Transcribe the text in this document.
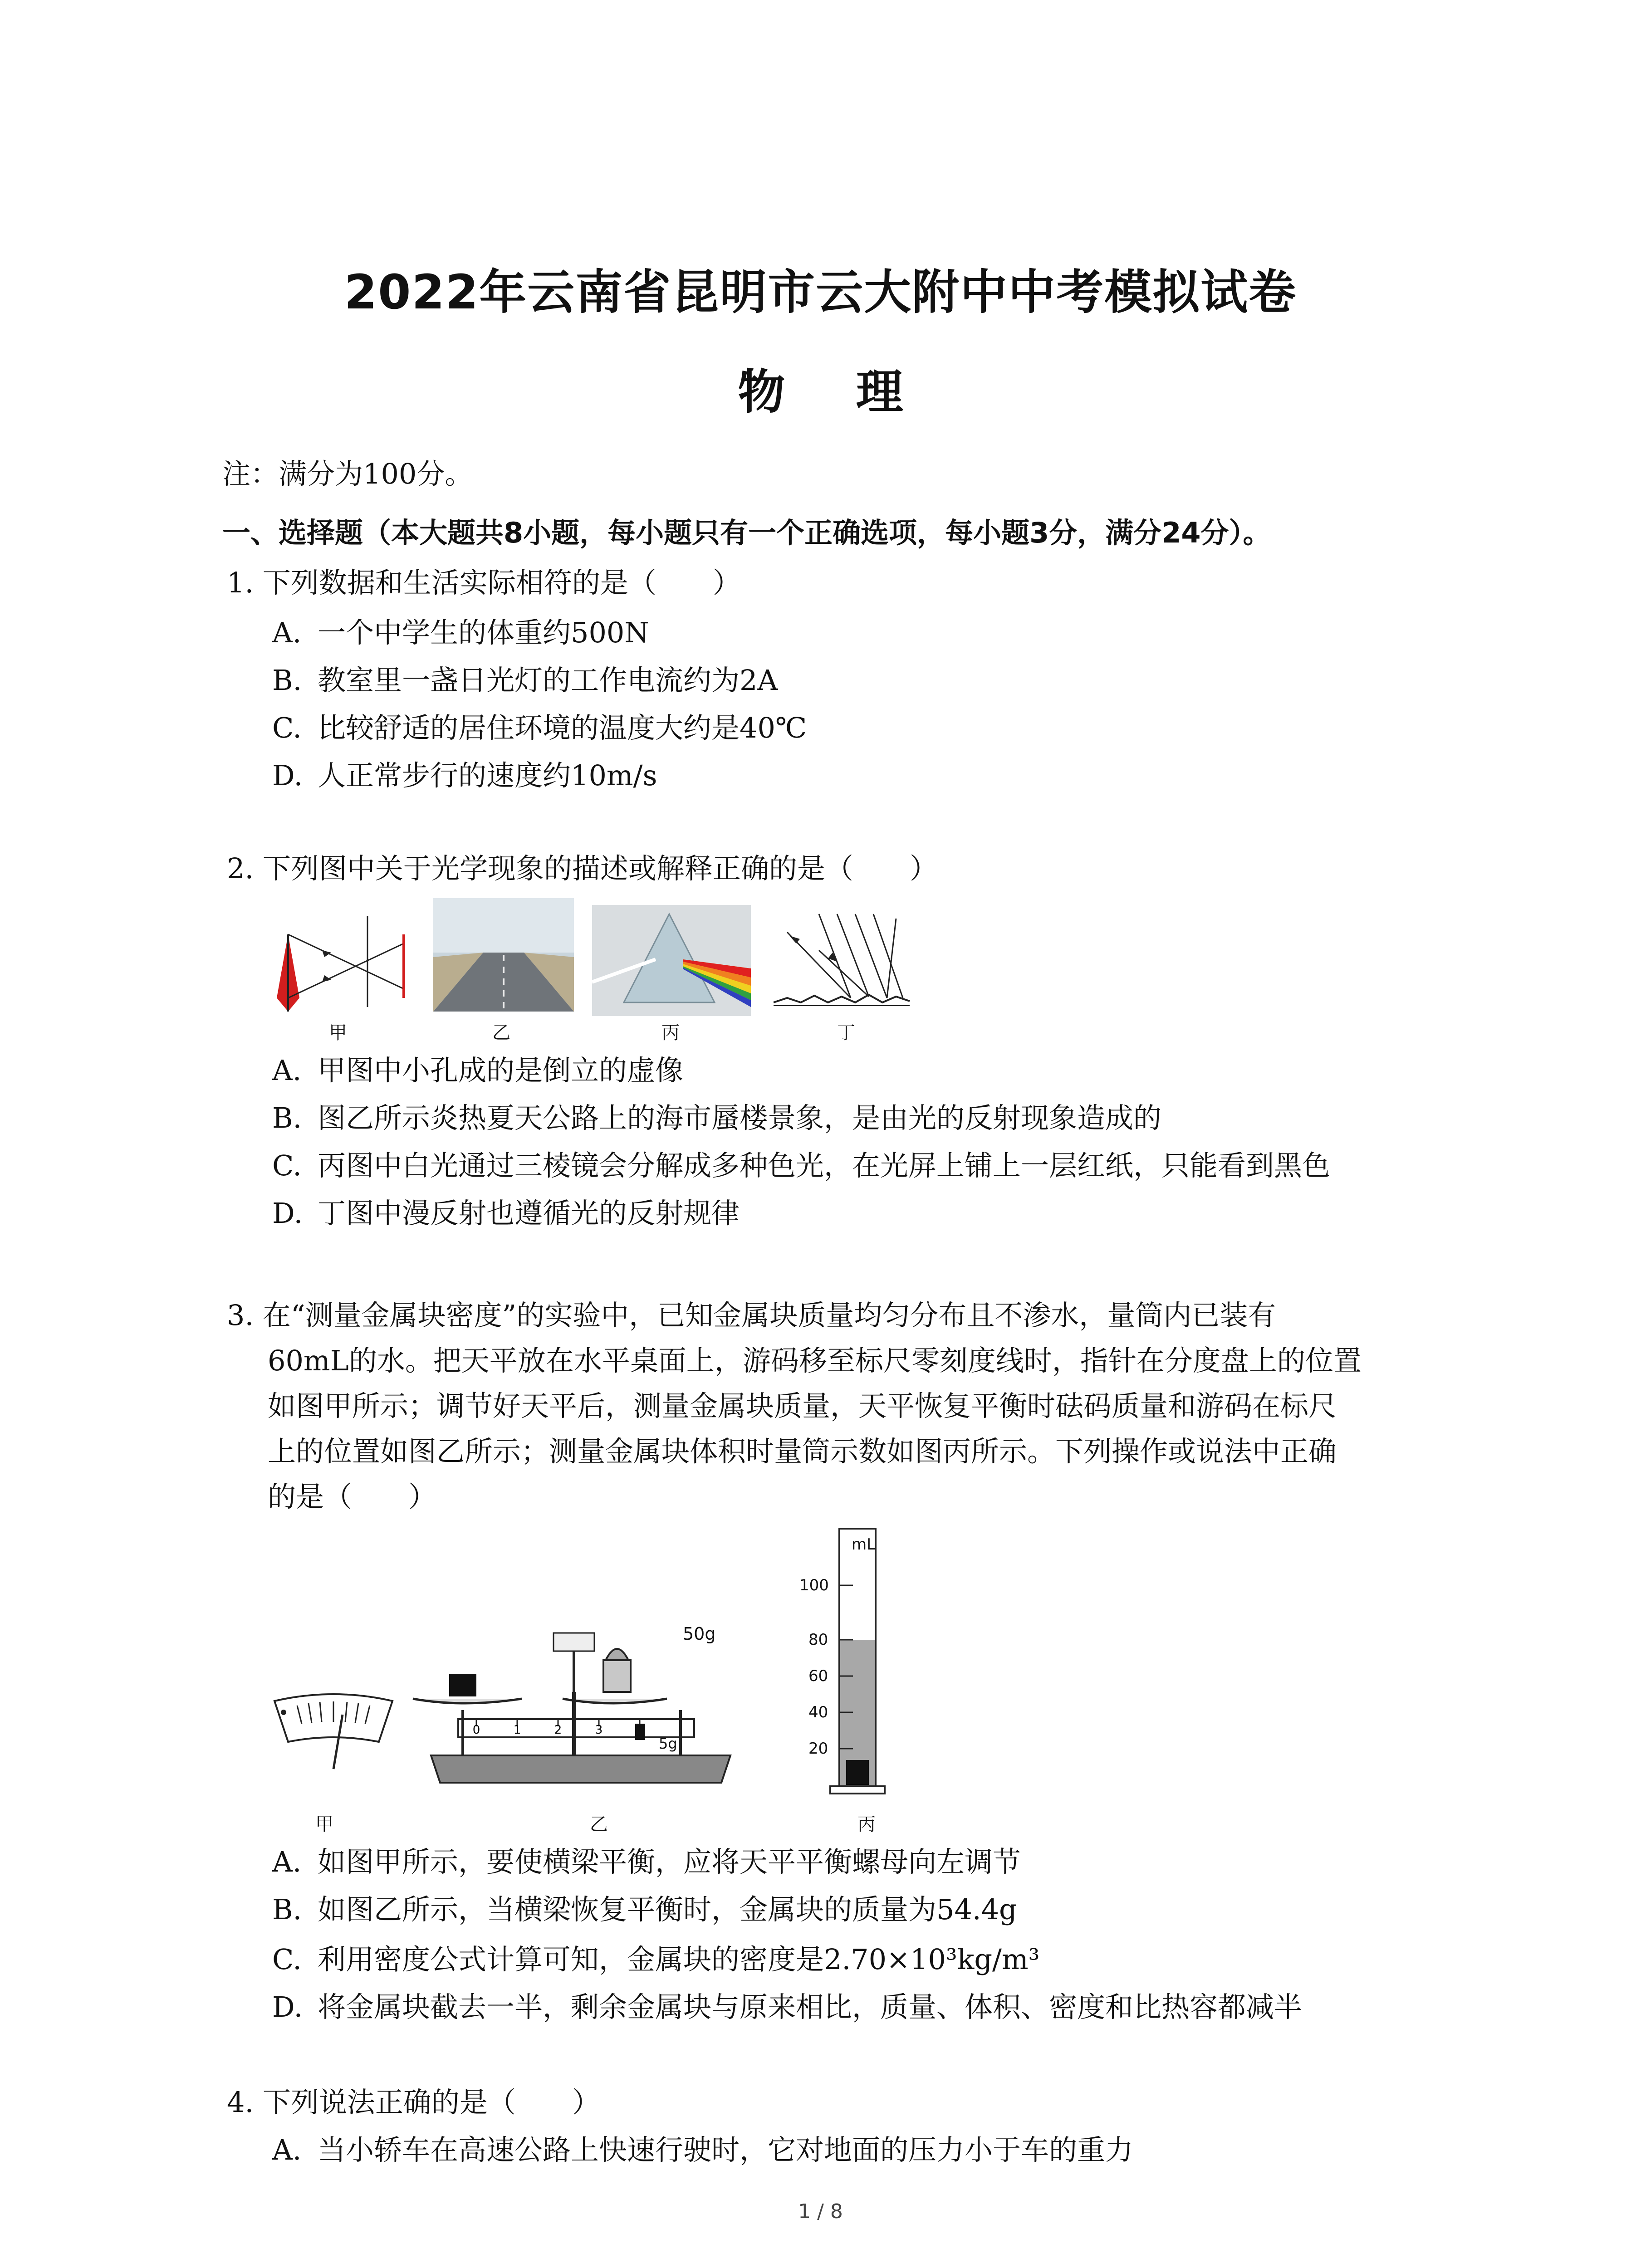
2022年云南省昆明市云大附中中考模拟试卷
物 理
注：满分为100分。
一、选择题（本大题共8小题，每小题只有一个正确选项，每小题3分，满分24分）。
1. 下列数据和生活实际相符的是（　　）
A. 一个中学生的体重约500N
B. 教室里一盏日光灯的工作电流约为2A
C. 比较舒适的居住环境的温度大约是40℃
D. 人正常步行的速度约10m/s
2. 下列图中关于光学现象的描述或解释正确的是（　　）
甲	乙	丙	丁
A. 甲图中小孔成的是倒立的虚像
B. 图乙所示炎热夏天公路上的海市蜃楼景象，是由光的反射现象造成的
C. 丙图中白光通过三棱镜会分解成多种色光，在光屏上铺上一层红纸，只能看到黑色
D. 丁图中漫反射也遵循光的反射规律
3. 在“测量金属块密度”的实验中，已知金属块质量均匀分布且不渗水，量筒内已装有
60mL的水。把天平放在水平桌面上，游码移至标尺零刻度线时，指针在分度盘上的位置
如图甲所示；调节好天平后，测量金属块质量，天平恢复平衡时砝码质量和游码在标尺
上的位置如图乙所示；测量金属块体积时量筒示数如图丙所示。下列操作或说法中正确
的是（　　）
甲
0	1	2	3
50g
5g
乙
mL
100
80
60
40
20
丙
A. 如图甲所示，要使横梁平衡，应将天平平衡螺母向左调节
B. 如图乙所示，当横梁恢复平衡时，金属块的质量为54.4g
C. 利用密度公式计算可知，金属块的密度是2.70×10³kg/m³
D. 将金属块截去一半，剩余金属块与原来相比，质量、体积、密度和比热容都减半
4. 下列说法正确的是（　　）
A. 当小轿车在高速公路上快速行驶时，它对地面的压力小于车的重力
1 / 8
